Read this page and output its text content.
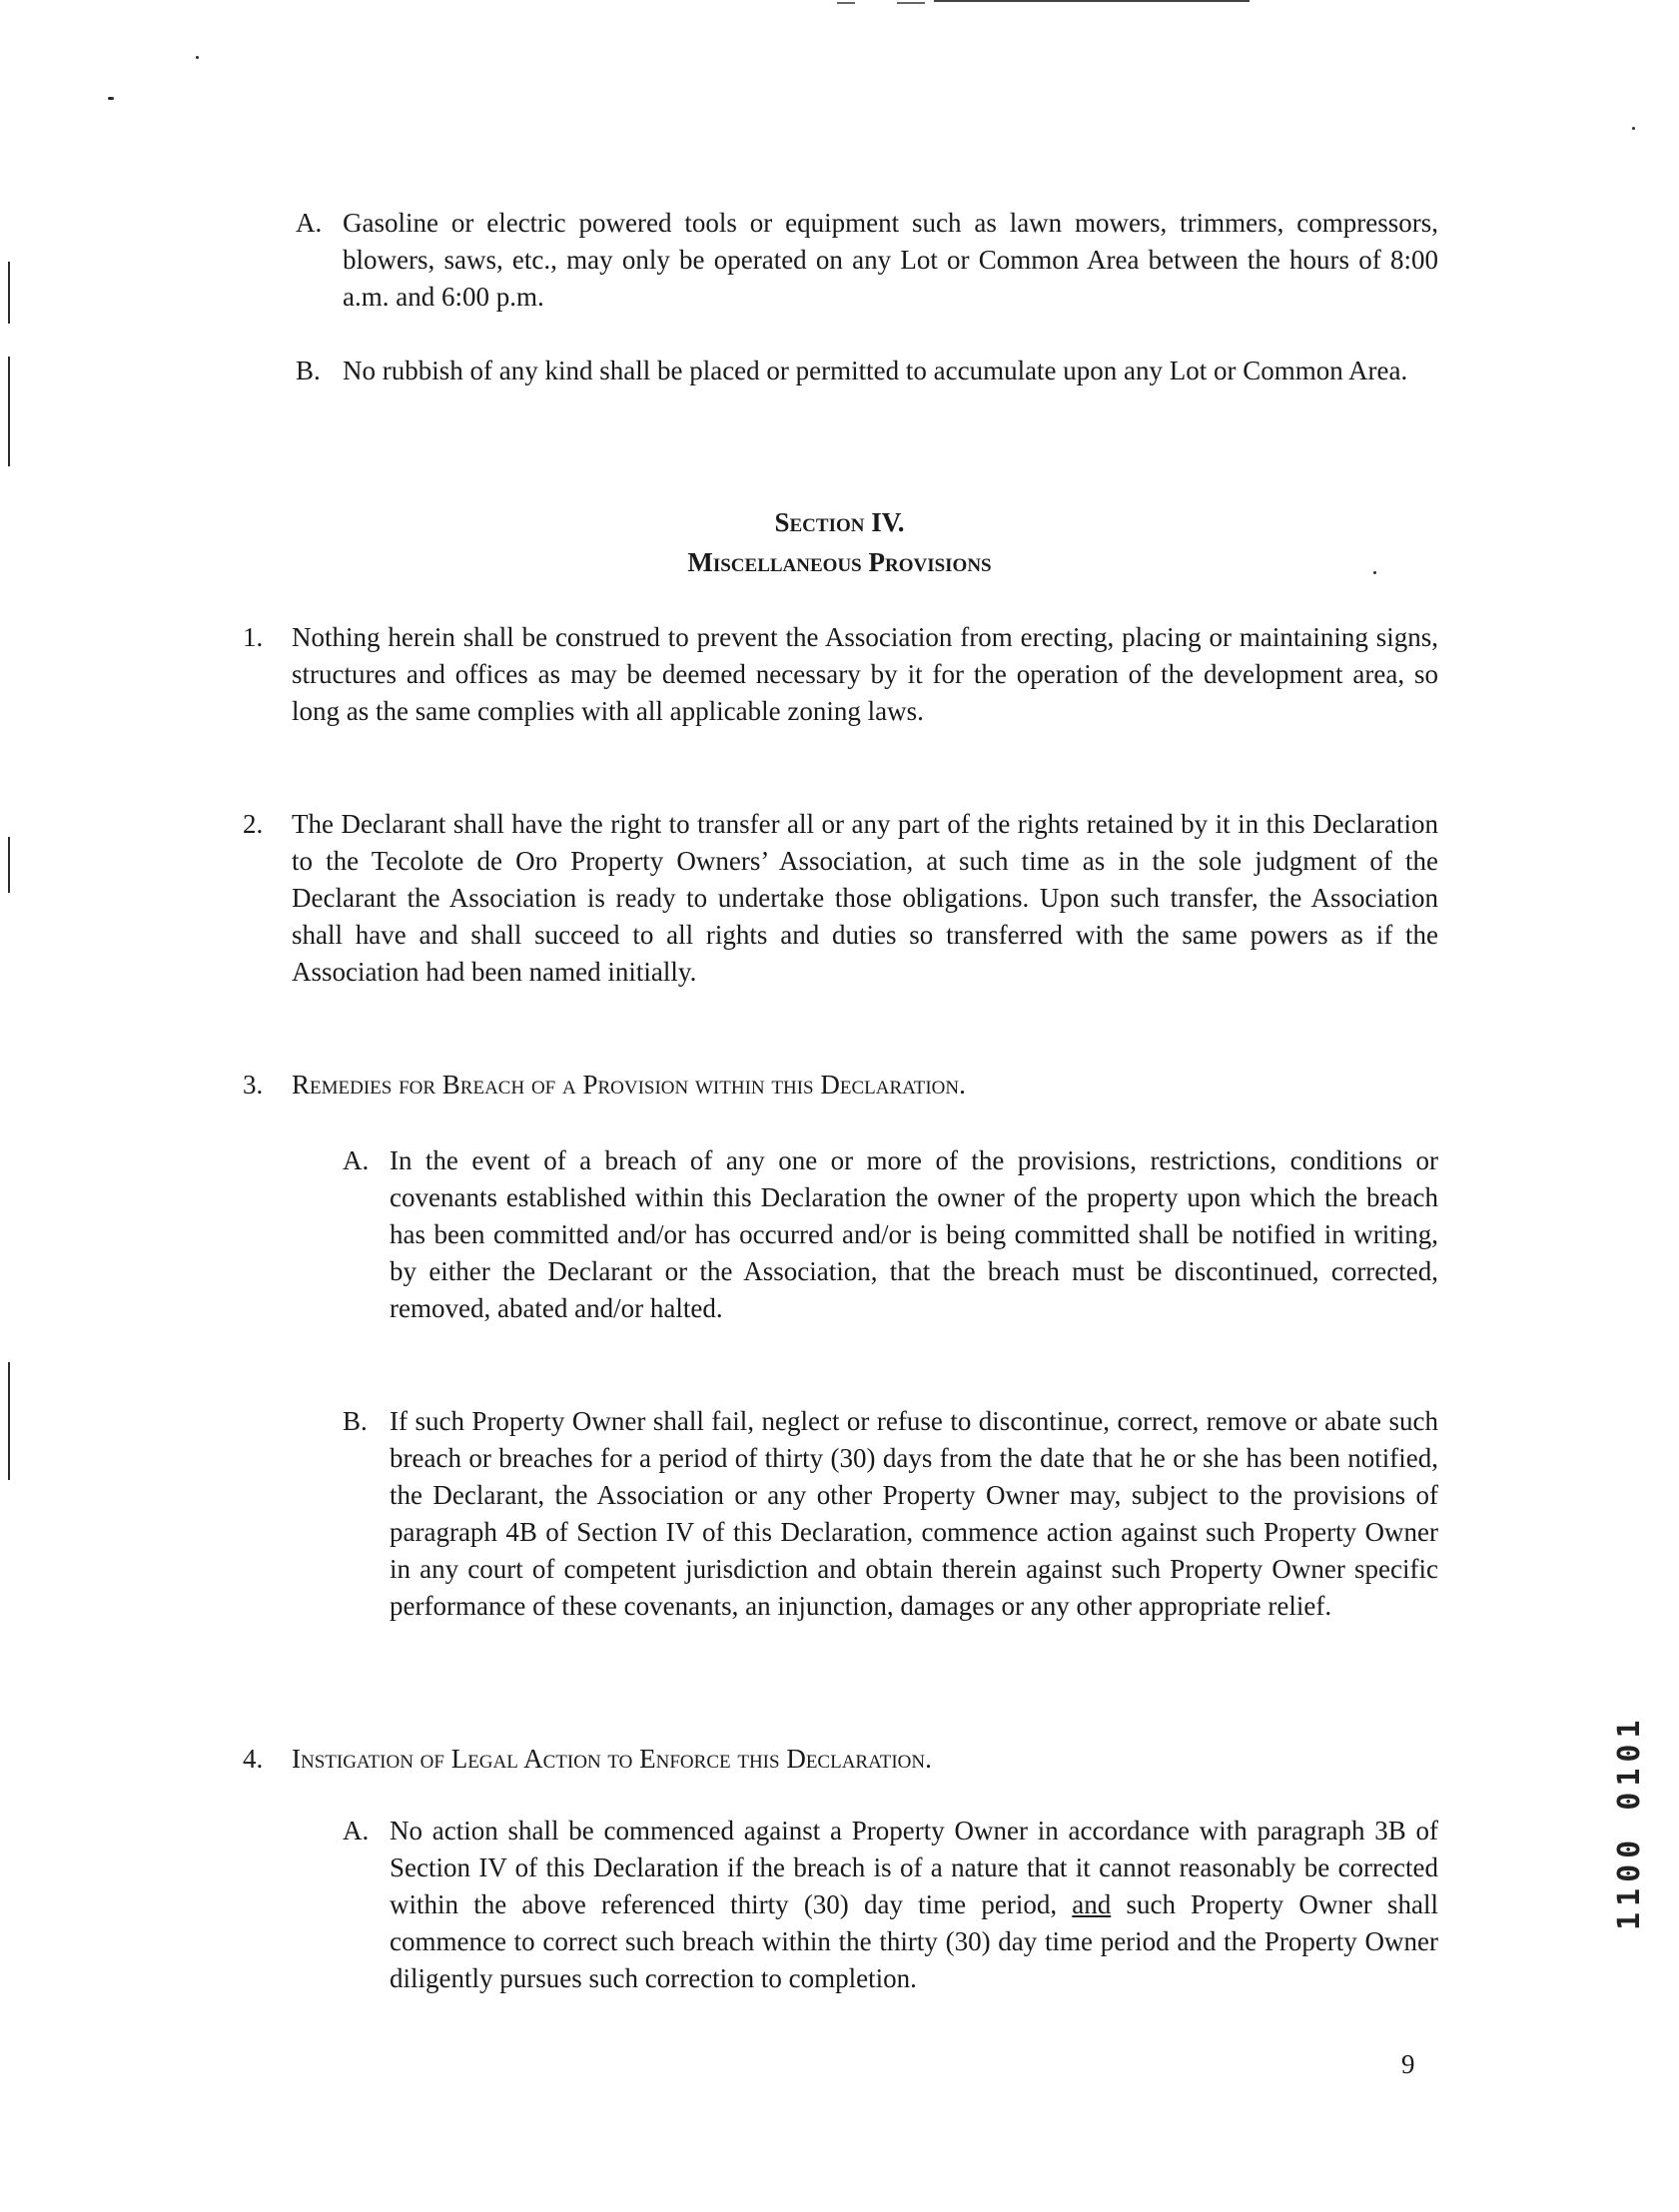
A. Gasoline or electric powered tools or equipment such as lawn mowers, trimmers, compressors, blowers, saws, etc., may only be operated on any Lot or Common Area between the hours of 8:00 a.m. and 6:00 p.m.
B. No rubbish of any kind shall be placed or permitted to accumulate upon any Lot or Common Area.
Section IV.
Miscellaneous Provisions
1. Nothing herein shall be construed to prevent the Association from erecting, placing or maintaining signs, structures and offices as may be deemed necessary by it for the operation of the development area, so long as the same complies with all applicable zoning laws.
2. The Declarant shall have the right to transfer all or any part of the rights retained by it in this Declaration to the Tecolote de Oro Property Owners’ Association, at such time as in the sole judgment of the Declarant the Association is ready to undertake those obligations. Upon such transfer, the Association shall have and shall succeed to all rights and duties so transferred with the same powers as if the Association had been named initially.
3. Remedies for Breach of a Provision within this Declaration.
A. In the event of a breach of any one or more of the provisions, restrictions, conditions or covenants established within this Declaration the owner of the property upon which the breach has been committed and/or has occurred and/or is being committed shall be notified in writing, by either the Declarant or the Association, that the breach must be discontinued, corrected, removed, abated and/or halted.
B. If such Property Owner shall fail, neglect or refuse to discontinue, correct, remove or abate such breach or breaches for a period of thirty (30) days from the date that he or she has been notified, the Declarant, the Association or any other Property Owner may, subject to the provisions of paragraph 4B of Section IV of this Declaration, commence action against such Property Owner in any court of competent jurisdiction and obtain therein against such Property Owner specific performance of these covenants, an injunction, damages or any other appropriate relief.
4. Instigation of Legal Action to Enforce this Declaration.
A. No action shall be commenced against a Property Owner in accordance with paragraph 3B of Section IV of this Declaration if the breach is of a nature that it cannot reasonably be corrected within the above referenced thirty (30) day time period, and such Property Owner shall commence to correct such breach within the thirty (30) day time period and the Property Owner diligently pursues such correction to completion.
1100 0101
9
